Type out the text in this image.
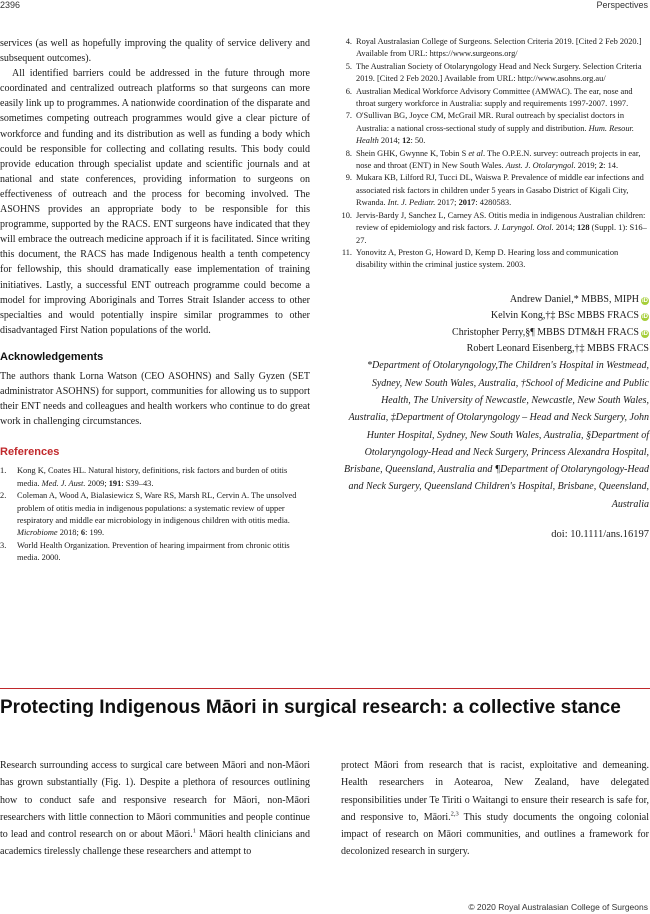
2396	Perspectives

services (as well as hopefully improving the quality of service delivery and subsequent outcomes).

All identified barriers could be addressed in the future through more coordinated and centralized outreach platforms so that surgeons can more easily link up to programmes. A nationwide coordination of the disparate and sometimes competing outreach programmes would give a clear picture of workforce and funding and its distribution as well as funding a body which could be responsible for collecting and collating results. This body could provide education through specialist update and scientific journals and at national and state conferences, providing information to surgeons on effectiveness of outreach and the process for becoming involved. The ASOHNS provides an appropriate body to be responsible for this programme, supported by the RACS. ENT surgeons have indicated that they will embrace the outreach medicine approach if it is facilitated. Since writing this document, the RACS has made Indigenous health a tenth competency for fellowship, this should dramatically ease implementation of training initiatives. Lastly, a successful ENT outreach programme could become a model for improving Aboriginals and Torres Strait Islander access to other specialties and would potentially inspire similar programmes to other disadvantaged First Nation populations of the world.

Acknowledgements

The authors thank Lorna Watson (CEO ASOHNS) and Sally Gyzen (SET administrator ASOHNS) for support, communities for allowing us to support their ENT needs and colleagues and health workers who continue to do great work in challenging circumstances.

References
1.	Kong K, Coates HL. Natural history, definitions, risk factors and burden of otitis media. Med. J. Aust. 2009; 191: S39–43.
2.	Coleman A, Wood A, Bialasiewicz S, Ware RS, Marsh RL, Cervin A. The unsolved problem of otitis media in indigenous populations: a systematic review of upper respiratory and middle ear microbiology in indigenous children with otitis media. Microbiome 2018; 6: 199.
3.	World Health Organization. Prevention of hearing impairment from chronic otitis media. 2000.
4. Royal Australasian College of Surgeons. Selection Criteria 2019. [Cited 2 Feb 2020.] Available from URL: https://www.surgeons.org/
5. The Australian Society of Otolaryngology Head and Neck Surgery. Selection Criteria 2019. [Cited 2 Feb 2020.] Available from URL: http://www.asohns.org.au/
6. Australian Medical Workforce Advisory Committee (AMWAC). The ear, nose and throat surgery workforce in Australia: supply and requirements 1997-2007. 1997.
7. O'Sullivan BG, Joyce CM, McGrail MR. Rural outreach by specialist doctors in Australia: a national cross-sectional study of supply and distribution. Hum. Resour. Health 2014; 12: 50.
8. Shein GHK, Gwynne K, Tobin S et al. The O.P.E.N. survey: outreach projects in ear, nose and throat (ENT) in New South Wales. Aust. J. Otolaryngol. 2019; 2: 14.
9. Mukara KB, Lilford RJ, Tucci DL, Waiswa P. Prevalence of middle ear infections and associated risk factors in children under 5 years in Gasabo District of Kigali City, Rwanda. Int. J. Pediatr. 2017; 2017: 4280583.
10. Jervis-Bardy J, Sanchez L, Carney AS. Otitis media in indigenous Australian children: review of epidemiology and risk factors. J. Laryngol. Otol. 2014; 128 (Suppl. 1): S16–27.
11. Yonovitz A, Preston G, Howard D, Kemp D. Hearing loss and communication disability within the criminal justice system. 2003.
Andrew Daniel,* MBBS, MIPH iD
Kelvin Kong,†‡ BSc MBBS FRACS iD
Christopher Perry,§¶ MBBS DTM&H FRACS iD
Robert Leonard Eisenberg,†‡ MBBS FRACS
*Department of Otolaryngology,The Children's Hospital in Westmead, Sydney, New South Wales, Australia, †School of Medicine and Public Health, The University of Newcastle, Newcastle, New South Wales, Australia, ‡Department of Otolaryngology – Head and Neck Surgery, John Hunter Hospital, Sydney, New South Wales, Australia, §Department of Otolaryngology-Head and Neck Surgery, Princess Alexandra Hospital, Brisbane, Queensland, Australia and ¶Department of Otolaryngology-Head and Neck Surgery, Queensland Children's Hospital, Brisbane, Queensland, Australia
doi: 10.1111/ans.16197
Protecting Indigenous Māori in surgical research: a collective stance

Research surrounding access to surgical care between Māori and non-Māori has grown substantially (Fig. 1). Despite a plethora of resources outlining how to conduct safe and responsive research for Māori, non-Māori researchers with little connection to Māori communities and people continue to lead and control research on or about Māori.$^1$ Māori health clinicians and academics tirelessly challenge these researchers and attempt to

protect Māori from research that is racist, exploitative and demeaning. Health researchers in Aotearoa, New Zealand, have delegated responsibilities under Te Tiriti o Waitangi to ensure their research is safe for, and responsive to, Māori.$^{2,3}$ This study documents the ongoing colonial impact of research on Māori communities, and outlines a framework for decolonized research in surgery.

© 2020 Royal Australasian College of Surgeons
